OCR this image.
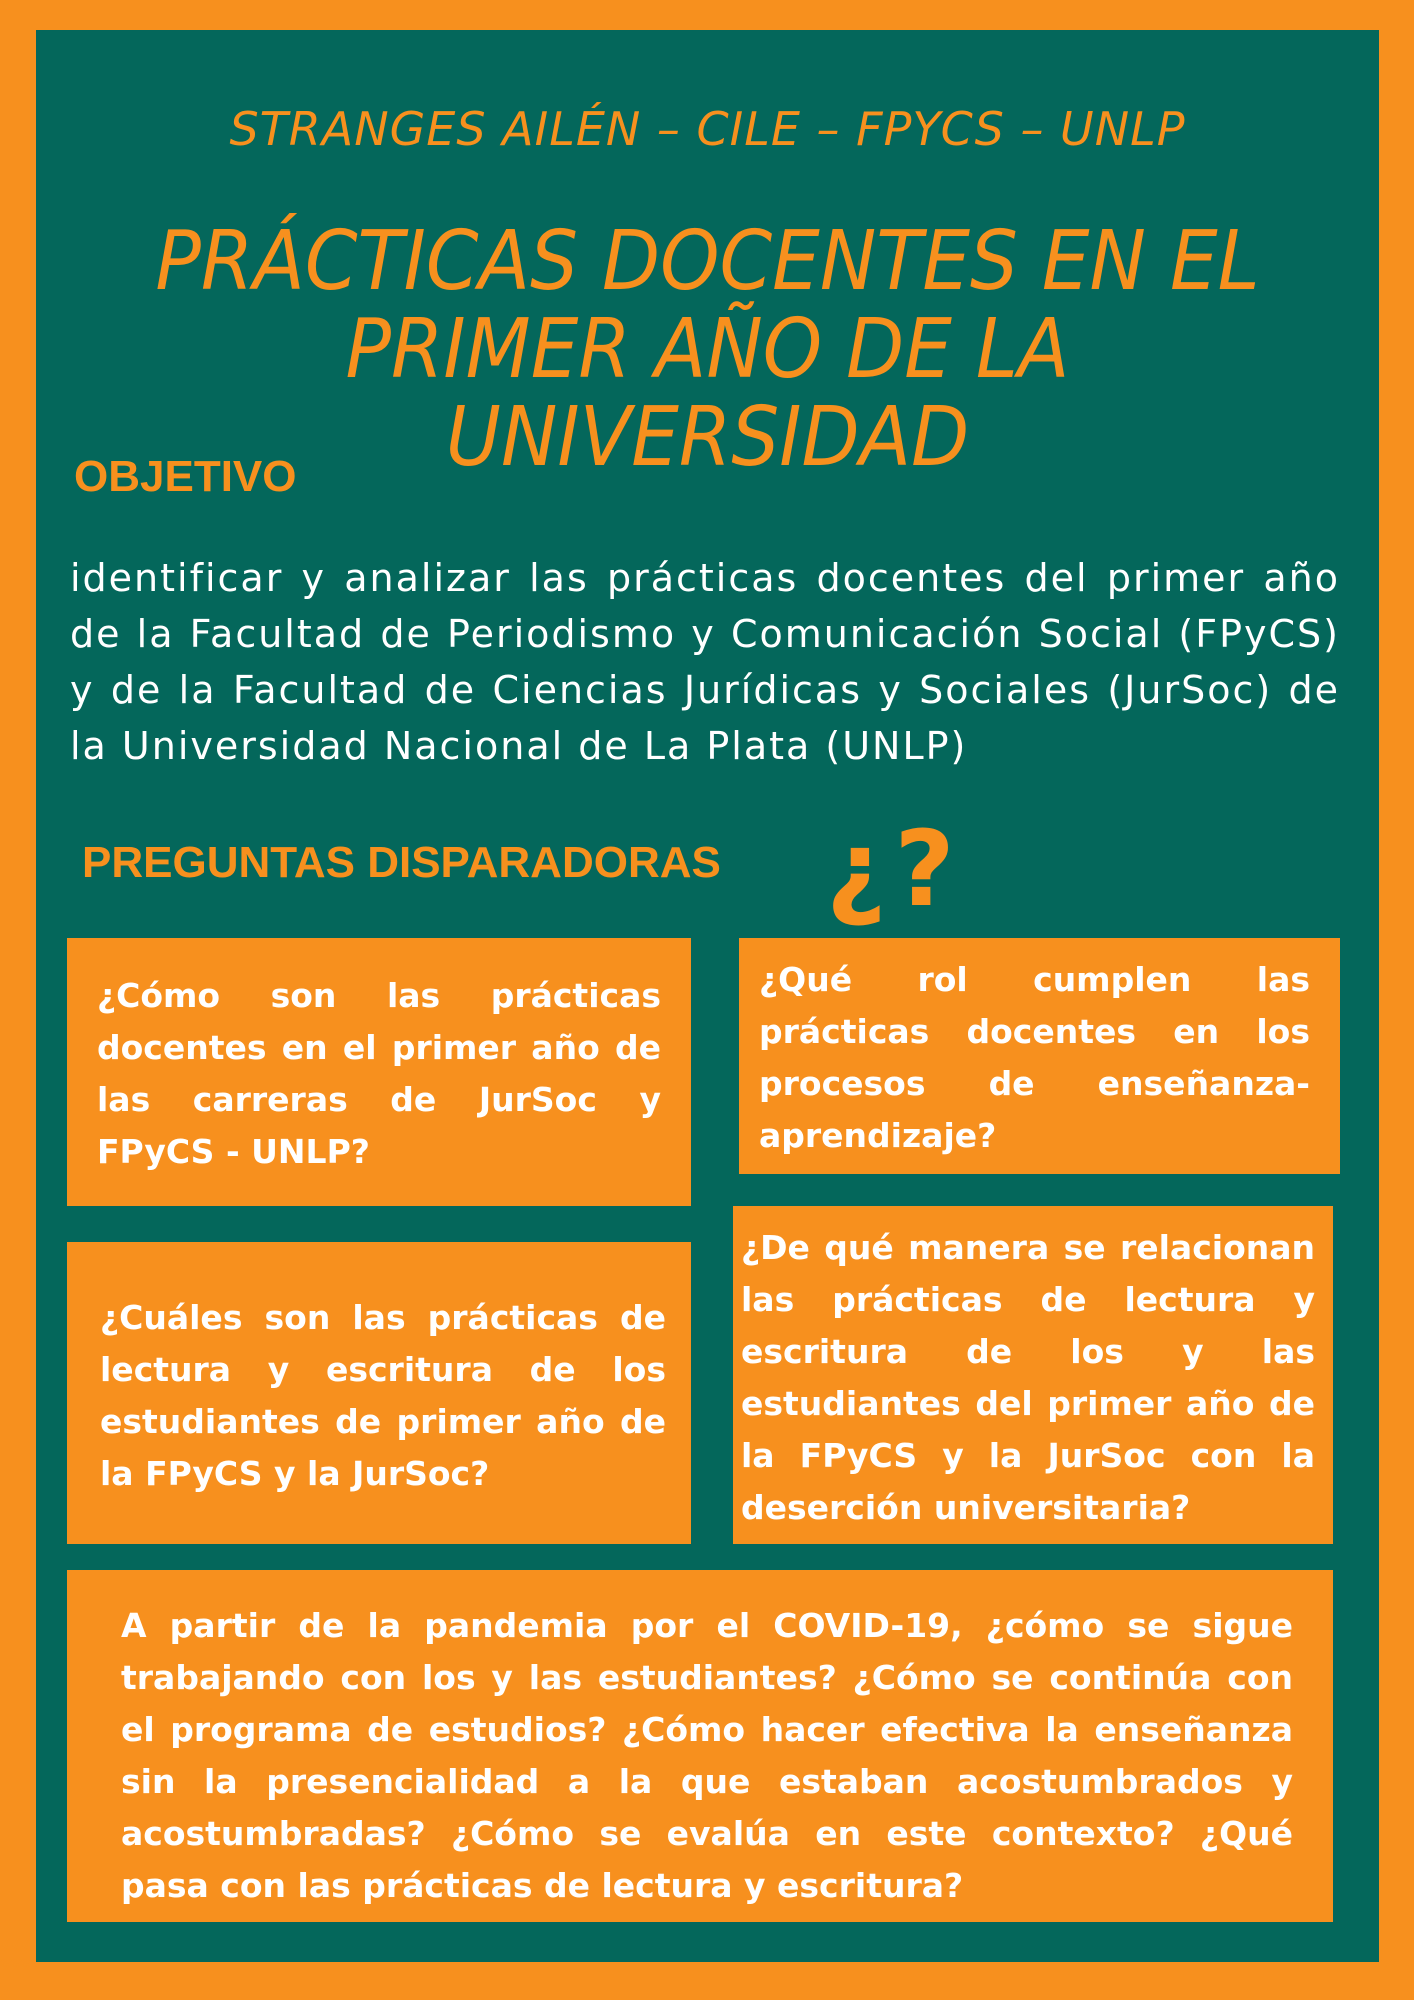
STRANGES AILÉN – CILE – FPYCS – UNLP
PRÁCTICAS DOCENTES EN EL
PRIMER AÑO DE LA UNIVERSIDAD
OBJETIVO
identificar y analizar las prácticas docentes del primer año de la Facultad de Periodismo y Comunicación Social (FPyCS) y de la Facultad de Ciencias Jurídicas y Sociales (JurSoc) de la Universidad Nacional de La Plata (UNLP)
PREGUNTAS DISPARADORAS ¿?
¿Cómo son las prácticas docentes en el primer año de las carreras de JurSoc y FPyCS - UNLP?
¿Qué rol cumplen las prácticas docentes en los procesos de enseñanza-aprendizaje?
¿Cuáles son las prácticas de lectura y escritura de los estudiantes de primer año de la FPyCS y la JurSoc?
¿De qué manera se relacionan las prácticas de lectura y escritura de los y las estudiantes del primer año de la FPyCS y la JurSoc con la deserción universitaria?
A partir de la pandemia por el COVID-19, ¿cómo se sigue trabajando con los y las estudiantes? ¿Cómo se continúa con el programa de estudios? ¿Cómo hacer efectiva la enseñanza sin la presencialidad a la que estaban acostumbrados y acostumbradas? ¿Cómo se evalúa en este contexto? ¿Qué pasa con las prácticas de lectura y escritura?
